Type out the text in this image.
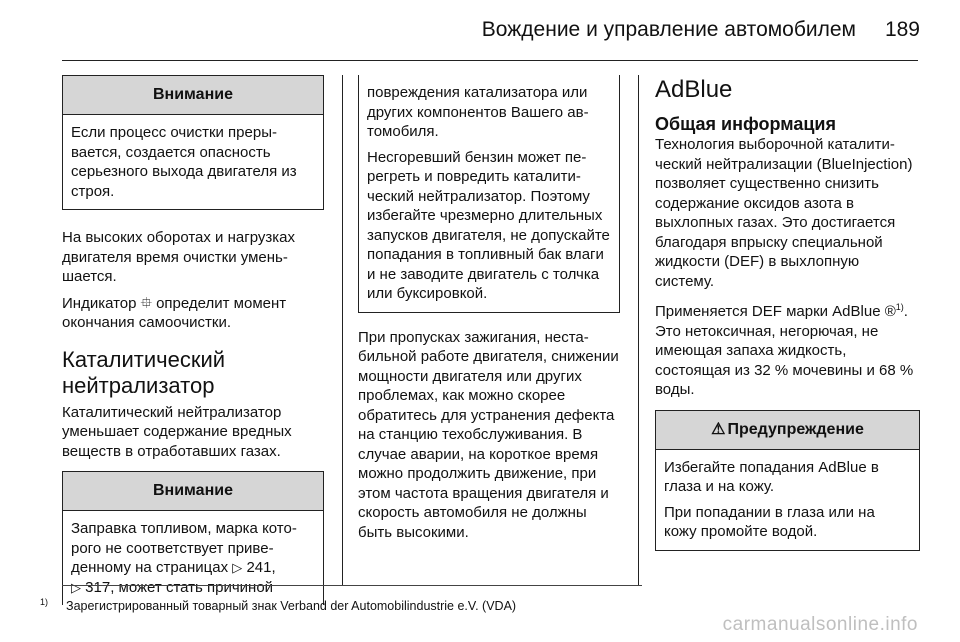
Вождение и управление автомобилем 189
Внимание

Если процесс очистки прерывается, создается опасность серьезного выхода двигателя из строя.

На высоких оборотах и нагрузках двигателя время очистки уменьшается.

Индикатор ⯐ определит момент окончания самоочистки.

Каталитический нейтрализатор

Каталитический нейтрализатор уменьшает содержание вредных веществ в отработавших газах.

Внимание

Заправка топливом, марка которого не соответствует приведенному на страницах ▷ 241,
▷ 317, может стать причиной

повреждения катализатора или других компонентов Вашего автомобиля.

Несгоревший бензин может перегреть и повредить каталитический нейтрализатор. Поэтому избегайте чрезмерно длительных запусков двигателя, не допускайте попадания в топливный бак влаги и не заводите двигатель с толчка или буксировкой.

При пропусках зажигания, нестабильной работе двигателя, снижении мощности двигателя или других проблемах, как можно скорее обратитесь для устранения дефекта на станцию техобслуживания. В случае аварии, на короткое время можно продолжить движение, при этом частота вращения двигателя и скорость автомобиля не должны быть высокими.

AdBlue
Общая информация

Технология выборочной каталитический нейтрализации (BlueInjection) позволяет существенно снизить содержание оксидов азота в выхлопных газах. Это достигается благодаря впрыску специальной жидкости (DEF) в выхлопную систему.

Применяется DEF марки AdBlue ®$^{1)}$. Это нетоксичная, негорючая, не имеющая запаха жидкость, состоящая из 32 % мочевины и 68 % воды.

⚠ Предупреждение

Избегайте попадания AdBlue в глаза и на кожу.

При попадании в глаза или на кожу промойте водой.

$^{1)}$ Зарегистрированный товарный знак Verband der Automobilindustrie e.V. (VDA)
carmanualsonline.info
